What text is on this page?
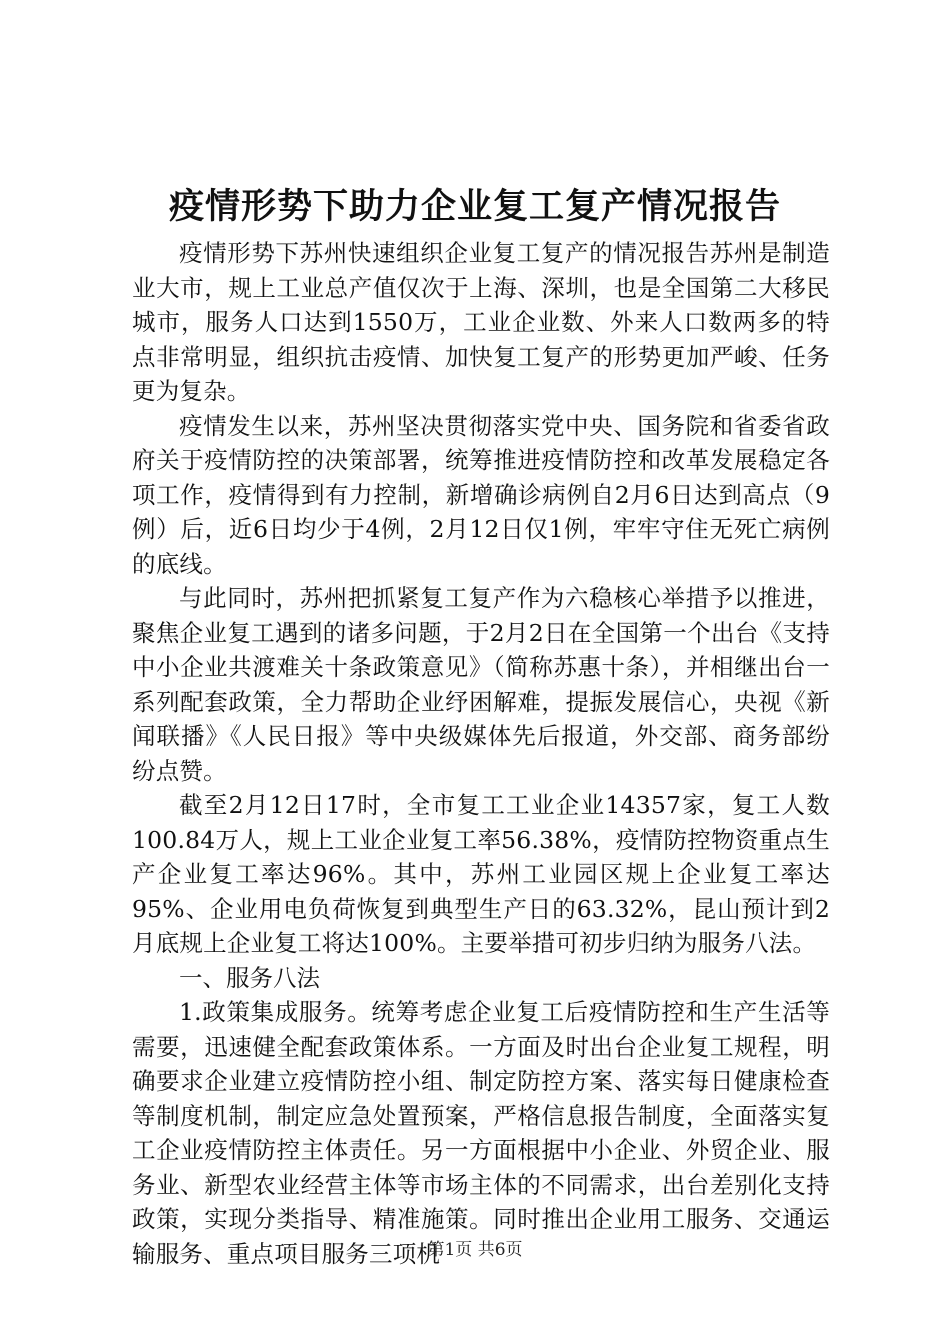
疫情形势下助力企业复工复产情况报告

疫情形势下苏州快速组织企业复工复产的情况报告苏州是制造业大市，规上工业总产值仅次于上海、深圳，也是全国第二大移民城市，服务人口达到1550万，工业企业数、外来人口数两多的特点非常明显，组织抗击疫情、加快复工复产的形势更加严峻、任务更为复杂。

疫情发生以来，苏州坚决贯彻落实党中央、国务院和省委省政府关于疫情防控的决策部署，统筹推进疫情防控和改革发展稳定各项工作，疫情得到有力控制，新增确诊病例自2月6日达到高点（9例）后，近6日均少于4例，2月12日仅1例，牢牢守住无死亡病例的底线。

与此同时，苏州把抓紧复工复产作为六稳核心举措予以推进，聚焦企业复工遇到的诸多问题，于2月2日在全国第一个出台《支持中小企业共渡难关十条政策意见》（简称苏惠十条），并相继出台一系列配套政策，全力帮助企业纾困解难，提振发展信心，央视《新闻联播》《人民日报》等中央级媒体先后报道，外交部、商务部纷纷点赞。

截至2月12日17时，全市复工工业企业14357家，复工人数100.84万人，规上工业企业复工率56.38%，疫情防控物资重点生产企业复工率达96%。其中，苏州工业园区规上企业复工率达95%、企业用电负荷恢复到典型生产日的63.32%，昆山预计到2月底规上企业复工将达100%。主要举措可初步归纳为服务八法。

一、服务八法

1.政策集成服务。统筹考虑企业复工后疫情防控和生产生活等需要，迅速健全配套政策体系。一方面及时出台企业复工规程，明确要求企业建立疫情防控小组、制定防控方案、落实每日健康检查等制度机制，制定应急处置预案，严格信息报告制度，全面落实复工企业疫情防控主体责任。另一方面根据中小企业、外贸企业、服务业、新型农业经营主体等市场主体的不同需求，出台差别化支持政策，实现分类指导、精准施策。同时推出企业用工服务、交通运输服务、重点项目服务三项机

第1页 共6页
